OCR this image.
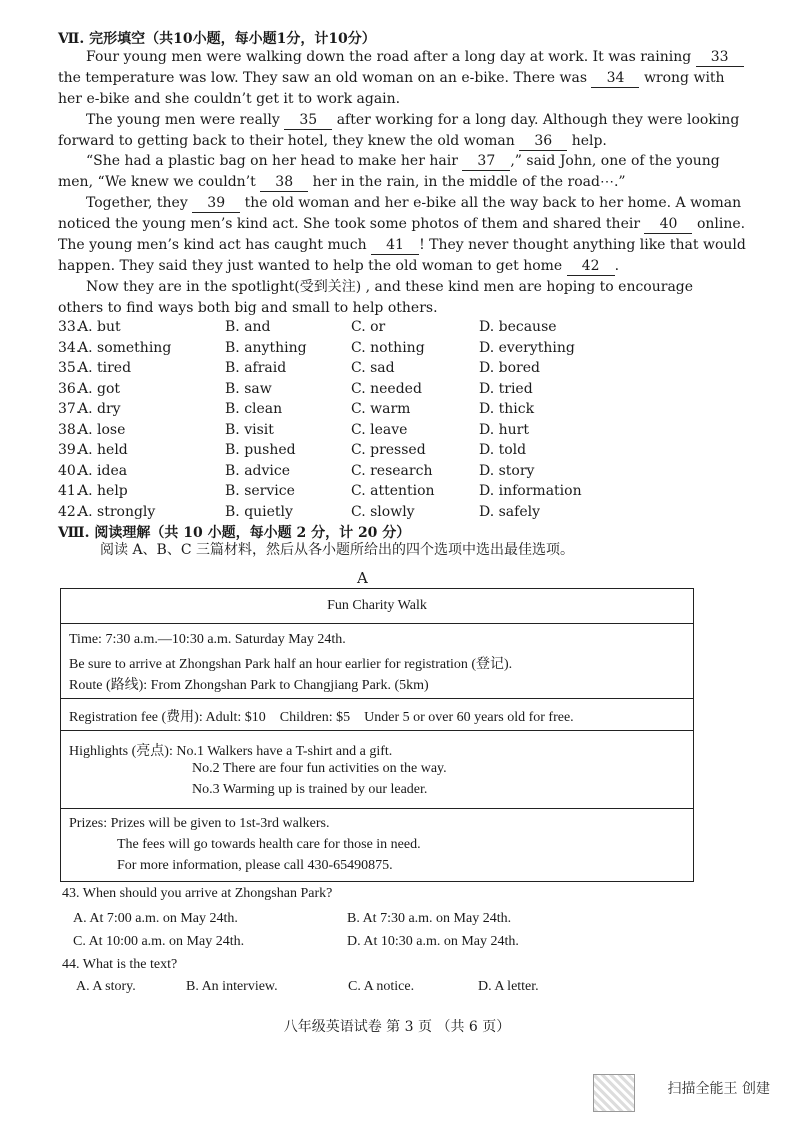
Ⅶ. 完形填空（共10小题，每小题1分，计10分）
Four young men were walking down the road after a long day at work. It was raining 33
the temperature was low. They saw an old woman on an e-bike. There was 34 wrong with
her e-bike and she couldn’t get it to work again.
The young men were really 35 after working for a long day. Although they were looking
forward to getting back to their hotel, they knew the old woman 36 help.
“She had a plastic bag on her head to make her hair 37 ,” said John, one of the young
men, “We knew we couldn’t 38 her in the rain, in the middle of the road⋯.”
Together, they 39 the old woman and her e-bike all the way back to her home. A woman
noticed the young men’s kind act. She took some photos of them and shared their 40 online.
The young men’s kind act has caught much 41 ! They never thought anything like that would
happen. They said they just wanted to help the old woman to get home 42 .
Now they are in the spotlight(受到关注) , and these kind men are hoping to encourage
others to find ways both big and small to help others.
33.
A. but	B. and	C. or	D. because
34.
A. something	B. anything	C. nothing	D. everything
35.
A. tired	B. afraid	C. sad	D. bored
36.
A. got	B. saw	C. needed	D. tried
37.
A. dry	B. clean	C. warm	D. thick
38.
A. lose	B. visit	C. leave	D. hurt
39.
A. held	B. pushed	C. pressed	D. told
40.
A. idea	B. advice	C. research	D. story
41.
A. help	B. service	C. attention	D. information
42.
A. strongly	B. quietly	C. slowly	D. safely
Ⅷ. 阅读理解（共 10 小题，每小题 2 分，计 20 分）
阅读 A、B、C 三篇材料，然后从各小题所给出的四个选项中选出最佳选项。
A
Fun Charity Walk
Time: 7:30 a.m.—10:30 a.m. Saturday May 24th.
Be sure to arrive at Zhongshan Park half an hour earlier for registration (登记).
Route (路线): From Zhongshan Park to Changjiang Park. (5km)
Registration fee (费用): Adult: $10    Children: $5    Under 5 or over 60 years old for free.
Highlights (亮点): No.1 Walkers have a T-shirt and a gift.
No.2 There are four fun activities on the way.
No.3 Warming up is trained by our leader.
Prizes: Prizes will be given to 1st-3rd walkers.
The fees will go towards health care for those in need.
For more information, please call 430-65490875.
43. When should you arrive at Zhongshan Park?
A. At 7:00 a.m. on May 24th.	B. At 7:30 a.m. on May 24th.
C. At 10:00 a.m. on May 24th.	D. At 10:30 a.m. on May 24th.
44. What is the text?
A. A story.	B. An interview.	C. A notice.	D. A letter.
八年级英语试卷 第 3 页 （共 6 页）
扫描全能王 创建
